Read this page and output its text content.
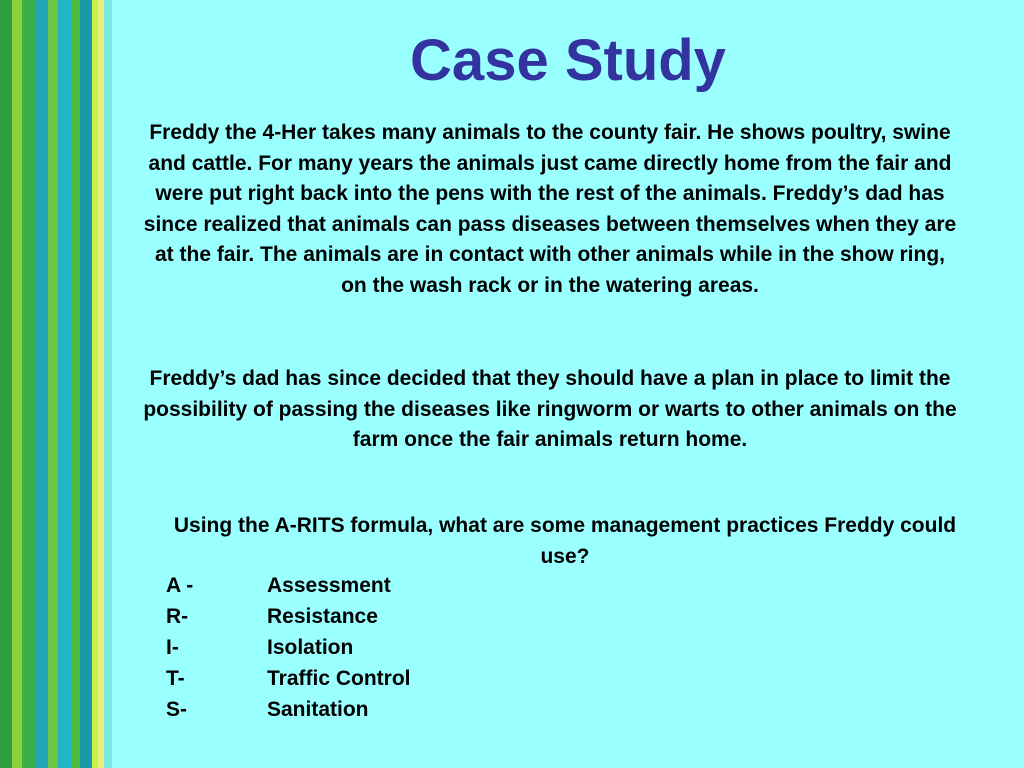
Case Study

Freddy the 4-Her takes many animals to the county fair. He shows poultry, swine and cattle. For many years the animals just came directly home from the fair and were put right back into the pens with the rest of the animals. Freddy’s dad has since realized that animals can pass diseases between themselves when they are at the fair. The animals are in contact with other animals while in the show ring, on the wash rack or in the watering areas.

Freddy’s dad has since decided that they should have a plan in place to limit the possibility of passing the diseases like ringworm or warts to other animals on the farm once the fair animals return home.

Using the A-RITS formula, what are some management practices Freddy could use?

A -	Assessment
R-	Resistance
I-	Isolation
T-	Traffic Control
S-	Sanitation
